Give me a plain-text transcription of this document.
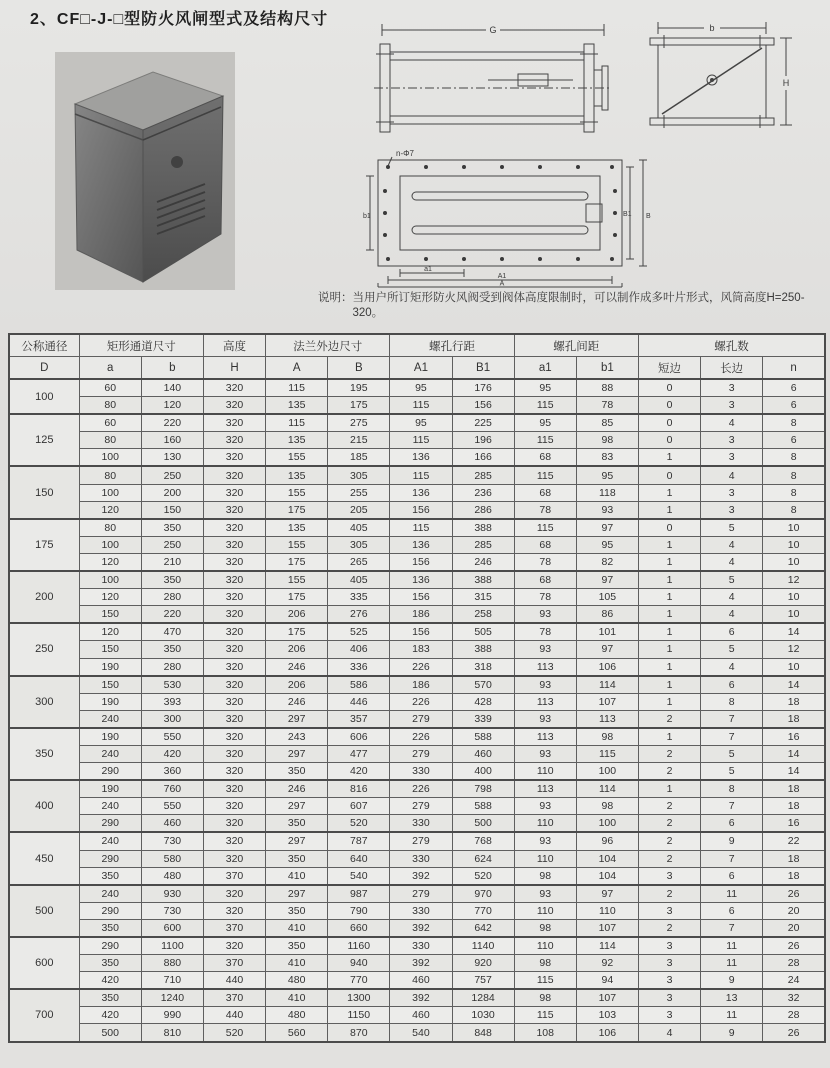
2、CF□-J-□型防火风闸型式及结构尺寸
G	b
H
n-Φ7
b1	B1 B
a1
A1
A
说明： 当用户所订矩形防火风阀受到阀体高度限制时，可以制作成多叶片形式，风筒高度H=250-320。
公称通径	矩形通道尺寸		高度	法兰外边尺寸		螺孔行距		螺孔间距		螺孔数		
D	a	b	H	A	B	A1	B1	a1	b1	短边	长边	n
100	60	140	320	115	195	95	176	95	88	0	3	6
	80	120	320	135	175	115	156	115	78	0	3	6
125	60	220	320	115	275	95	225	95	85	0	4	8
	80	160	320	135	215	115	196	115	98	0	3	6
	100	130	320	155	185	136	166	68	83	1	3	8
150	80	250	320	135	305	115	285	115	95	0	4	8
	100	200	320	155	255	136	236	68	118	1	3	8
	120	150	320	175	205	156	286	78	93	1	3	8
175	80	350	320	135	405	115	388	115	97	0	5	10
	100	250	320	155	305	136	285	68	95	1	4	10
	120	210	320	175	265	156	246	78	82	1	4	10
200	100	350	320	155	405	136	388	68	97	1	5	12
	120	280	320	175	335	156	315	78	105	1	4	10
	150	220	320	206	276	186	258	93	86	1	4	10
250	120	470	320	175	525	156	505	78	101	1	6	14
	150	350	320	206	406	183	388	93	97	1	5	12
	190	280	320	246	336	226	318	113	106	1	4	10
300	150	530	320	206	586	186	570	93	114	1	6	14
	190	393	320	246	446	226	428	113	107	1	8	18
	240	300	320	297	357	279	339	93	113	2	7	18
350	190	550	320	243	606	226	588	113	98	1	7	16
	240	420	320	297	477	279	460	93	115	2	5	14
	290	360	320	350	420	330	400	110	100	2	5	14
400	190	760	320	246	816	226	798	113	114	1	8	18
	240	550	320	297	607	279	588	93	98	2	7	18
	290	460	320	350	520	330	500	110	100	2	6	16
450	240	730	320	297	787	279	768	93	96	2	9	22
	290	580	320	350	640	330	624	110	104	2	7	18
	350	480	370	410	540	392	520	98	104	3	6	18
500	240	930	320	297	987	279	970	93	97	2	11	26
	290	730	320	350	790	330	770	110	110	3	6	20
	350	600	370	410	660	392	642	98	107	2	7	20
600	290	1100	320	350	1160	330	1140	110	114	3	11	26
	350	880	370	410	940	392	920	98	92	3	11	28
	420	710	440	480	770	460	757	115	94	3	9	24
700	350	1240	370	410	1300	392	1284	98	107	3	13	32
	420	990	440	480	1150	460	1030	115	103	3	11	28
	500	810	520	560	870	540	848	108	106	4	9	26
